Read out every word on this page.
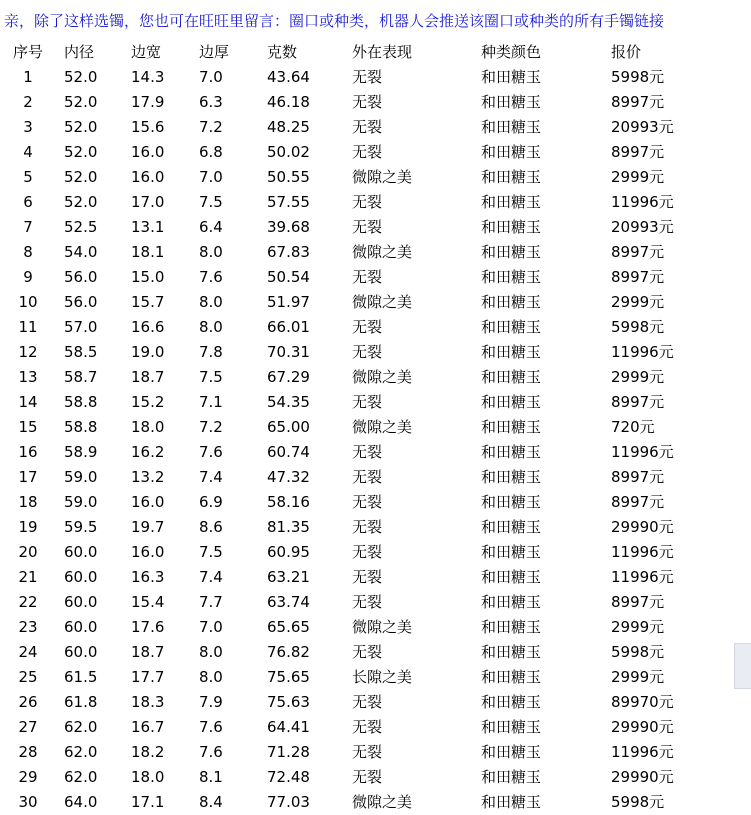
亲，除了这样选镯，您也可在旺旺里留言：圈口或种类，机器人会推送该圈口或种类的所有手镯链接
序号 内径 边宽	边厚	克数	外在表现	种类颜色	报价
1	52.0 14.3 7.0	43.64	无裂	和田糖玉	5998元
2	52.0 17.9 6.3	46.18	无裂	和田糖玉	8997元
3	52.0 15.6 7.2	48.25	无裂	和田糖玉	20993元
4	52.0 16.0 6.8	50.02	无裂	和田糖玉	8997元
5	52.0 16.0 7.0	50.55	微隙之美	和田糖玉	2999元
6	52.0 17.0 7.5	57.55	无裂	和田糖玉	11996元
7	52.5 13.1 6.4	39.68	无裂	和田糖玉	20993元
8	54.0 18.1 8.0	67.83	微隙之美	和田糖玉	8997元
9	56.0 15.0 7.6	50.54	无裂	和田糖玉	8997元
10	56.0 15.7 8.0	51.97	微隙之美	和田糖玉	2999元
11	57.0 16.6 8.0	66.01	无裂	和田糖玉	5998元
12	58.5 19.0 7.8	70.31	无裂	和田糖玉	11996元
13	58.7 18.7 7.5	67.29	微隙之美	和田糖玉	2999元
14	58.8 15.2 7.1	54.35	无裂	和田糖玉	8997元
15	58.8 18.0 7.2	65.00	微隙之美	和田糖玉	720元
16	58.9 16.2 7.6	60.74	无裂	和田糖玉	11996元
17	59.0 13.2 7.4	47.32	无裂	和田糖玉	8997元
18	59.0 16.0 6.9	58.16	无裂	和田糖玉	8997元
19	59.5 19.7 8.6	81.35	无裂	和田糖玉	29990元
20	60.0 16.0 7.5	60.95	无裂	和田糖玉	11996元
21	60.0 16.3 7.4	63.21	无裂	和田糖玉	11996元
22	60.0 15.4 7.7	63.74	无裂	和田糖玉	8997元
23	60.0 17.6 7.0	65.65	微隙之美	和田糖玉	2999元
24	60.0 18.7 8.0	76.82	无裂	和田糖玉	5998元
25	61.5 17.7 8.0	75.65	长隙之美	和田糖玉	2999元
26	61.8 18.3 7.9	75.63	无裂	和田糖玉	89970元
27	62.0 16.7 7.6	64.41	无裂	和田糖玉	29990元
28	62.0 18.2 7.6	71.28	无裂	和田糖玉	11996元
29	62.0 18.0 8.1	72.48	无裂	和田糖玉	29990元
30	64.0 17.1 8.4	77.03	微隙之美	和田糖玉	5998元
